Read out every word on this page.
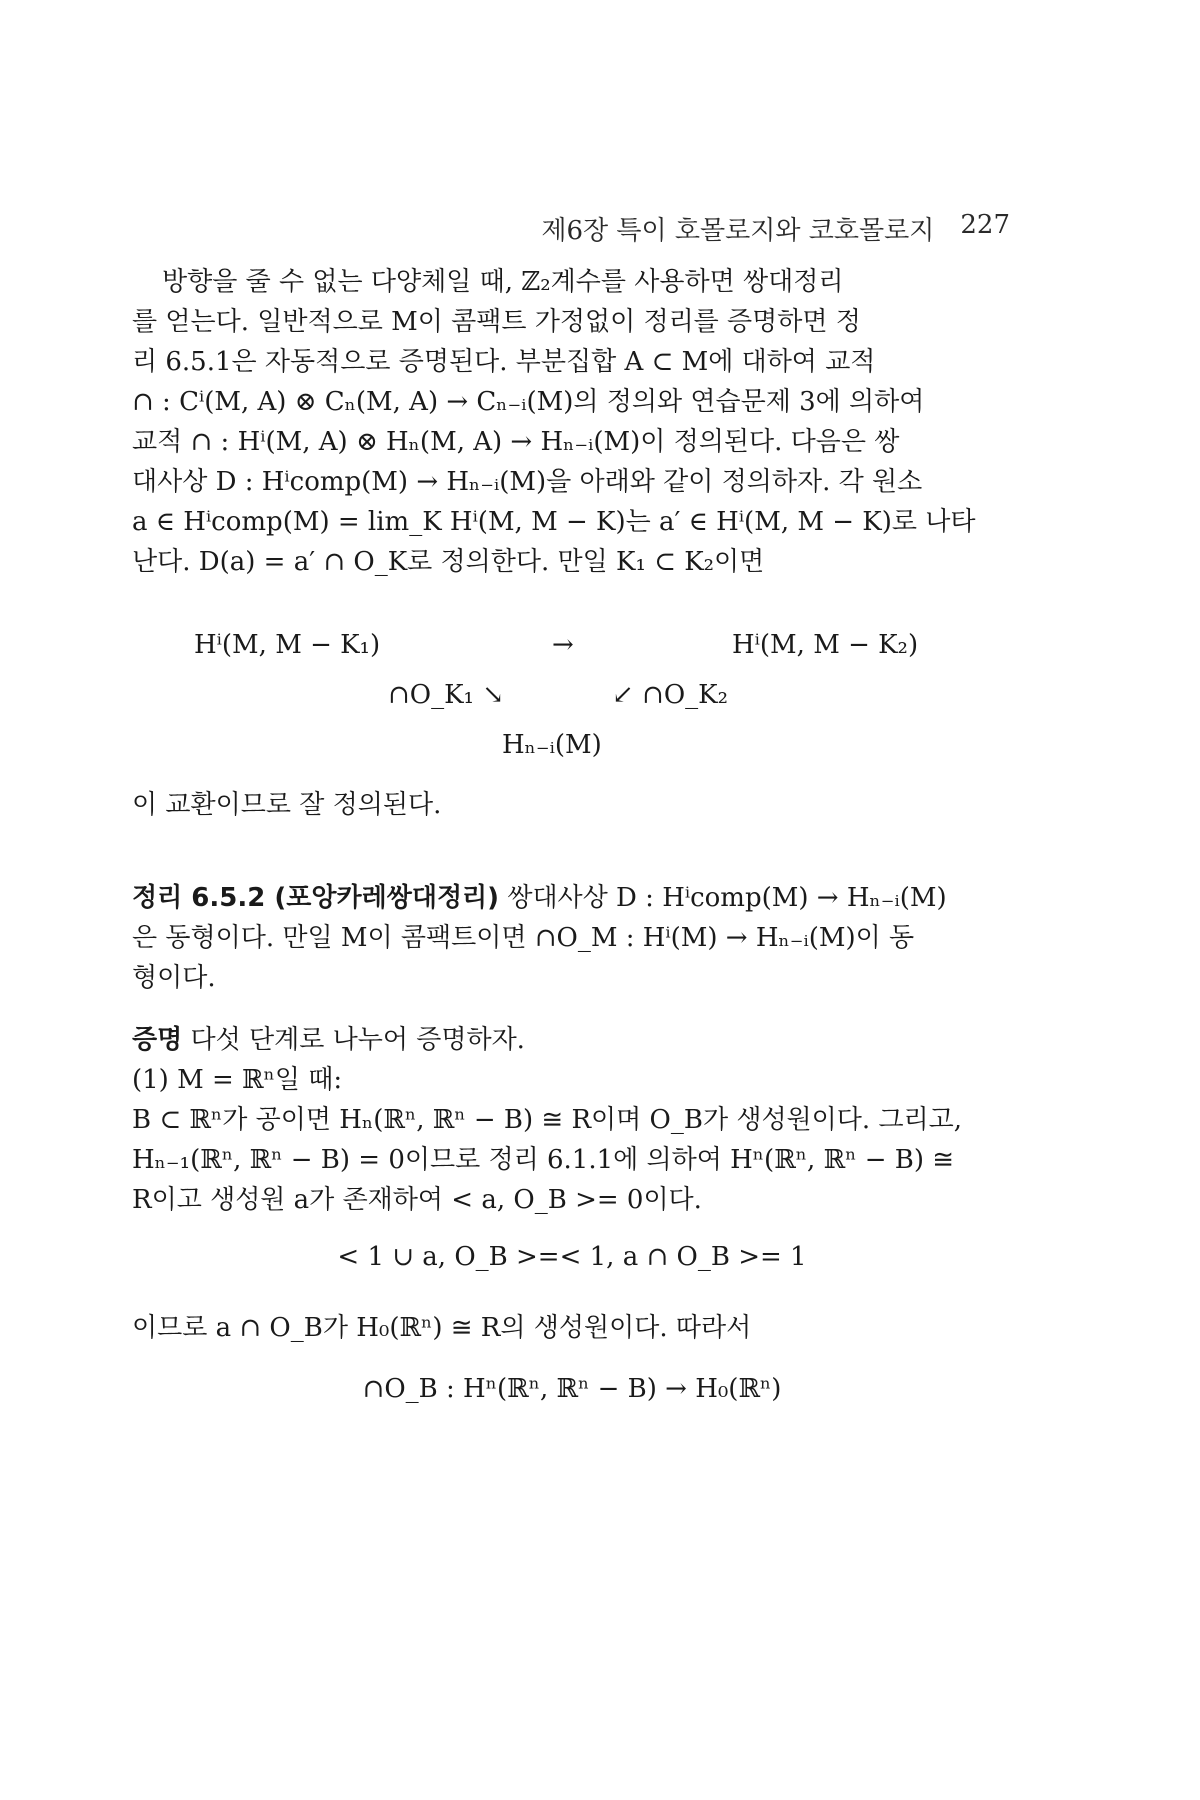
제6장 특이 호몰로지와 코호몰로지 227
방향을 줄 수 없는 다양체일 때, ℤ₂계수를 사용하면 쌍대정리
를 얻는다. 일반적으로 M이 콤팩트 가정없이 정리를 증명하면 정
리 6.5.1은 자동적으로 증명된다. 부분집합 A ⊂ M에 대하여 교적
∩ : Cⁱ(M, A) ⊗ Cₙ(M, A) → Cₙ₋ᵢ(M)의 정의와 연습문제 3에 의하여
교적 ∩ : Hⁱ(M, A) ⊗ Hₙ(M, A) → Hₙ₋ᵢ(M)이 정의된다. 다음은 쌍
대사상 D : Hⁱcomp(M) → Hₙ₋ᵢ(M)을 아래와 같이 정의하자. 각 원소
a ∈ Hⁱcomp(M) = lim_K Hⁱ(M, M − K)는 a′ ∈ Hⁱ(M, M − K)로 나타
난다. D(a) = a′ ∩ O_K로 정의한다. 만일 K₁ ⊂ K₂이면
Hⁱ(M, M − K₁)	→	Hⁱ(M, M − K₂)
∩O_K₁ ↘	↙ ∩O_K₂
Hₙ₋ᵢ(M)
이 교환이므로 잘 정의된다.
정리 6.5.2 (포앙카레쌍대정리) 쌍대사상 D : Hⁱcomp(M) → Hₙ₋ᵢ(M)
은 동형이다. 만일 M이 콤팩트이면 ∩O_M : Hⁱ(M) → Hₙ₋ᵢ(M)이 동
형이다.
증명 다섯 단계로 나누어 증명하자.
(1) M = ℝⁿ일 때:
B ⊂ ℝⁿ가 공이면 Hₙ(ℝⁿ, ℝⁿ − B) ≅ R이며 O_B가 생성원이다. 그리고,
Hₙ₋₁(ℝⁿ, ℝⁿ − B) = 0이므로 정리 6.1.1에 의하여 Hⁿ(ℝⁿ, ℝⁿ − B) ≅
R이고 생성원 a가 존재하여 < a, O_B >= 0이다.
< 1 ∪ a, O_B >=< 1, a ∩ O_B >= 1
이므로 a ∩ O_B가 H₀(ℝⁿ) ≅ R의 생성원이다. 따라서
∩O_B : Hⁿ(ℝⁿ, ℝⁿ − B) → H₀(ℝⁿ)
